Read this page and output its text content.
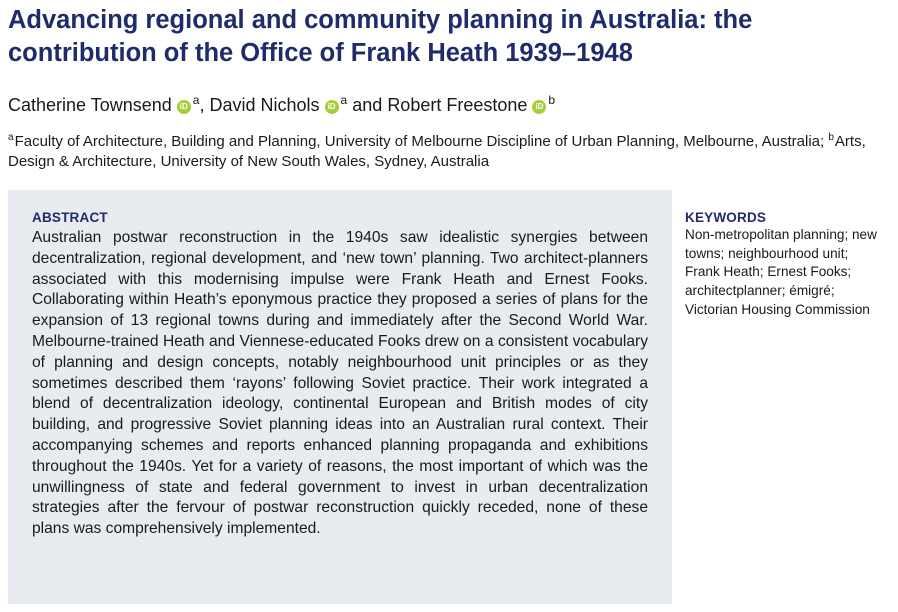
Advancing regional and community planning in Australia: the contribution of the Office of Frank Heath 1939–1948
Catherine Townsend iD $^a$, David Nichols iD $^a$ and Robert Freestone iD $^b$
$^a$Faculty of Architecture, Building and Planning, University of Melbourne Discipline of Urban Planning, Melbourne, Australia; $^b$Arts, Design & Architecture, University of New South Wales, Sydney, Australia
ABSTRACT

Australian postwar reconstruction in the 1940s saw idealistic synergies between decentralization, regional development, and ‘new town’ planning. Two architect-planners associated with this modernising impulse were Frank Heath and Ernest Fooks. Collaborating within Heath’s eponymous practice they proposed a series of plans for the expansion of 13 regional towns during and immediately after the Second World War. Melbourne-trained Heath and Viennese-educated Fooks drew on a consistent vocabulary of planning and design concepts, notably neighbourhood unit principles or as they sometimes described them ‘rayons’ following Soviet practice. Their work integrated a blend of decentralization ideology, continental European and British modes of city building, and progressive Soviet planning ideas into an Australian rural context. Their accompanying schemes and reports enhanced planning propaganda and exhibitions throughout the 1940s. Yet for a variety of reasons, the most important of which was the unwillingness of state and federal government to invest in urban decentralization strategies after the fervour of postwar reconstruction quickly receded, none of these plans was comprehensively implemented.

KEYWORDS

Non-metropolitan planning; new towns; neighbourhood unit; Frank Heath; Ernest Fooks; architectplanner; émigré; Victorian Housing Commission
